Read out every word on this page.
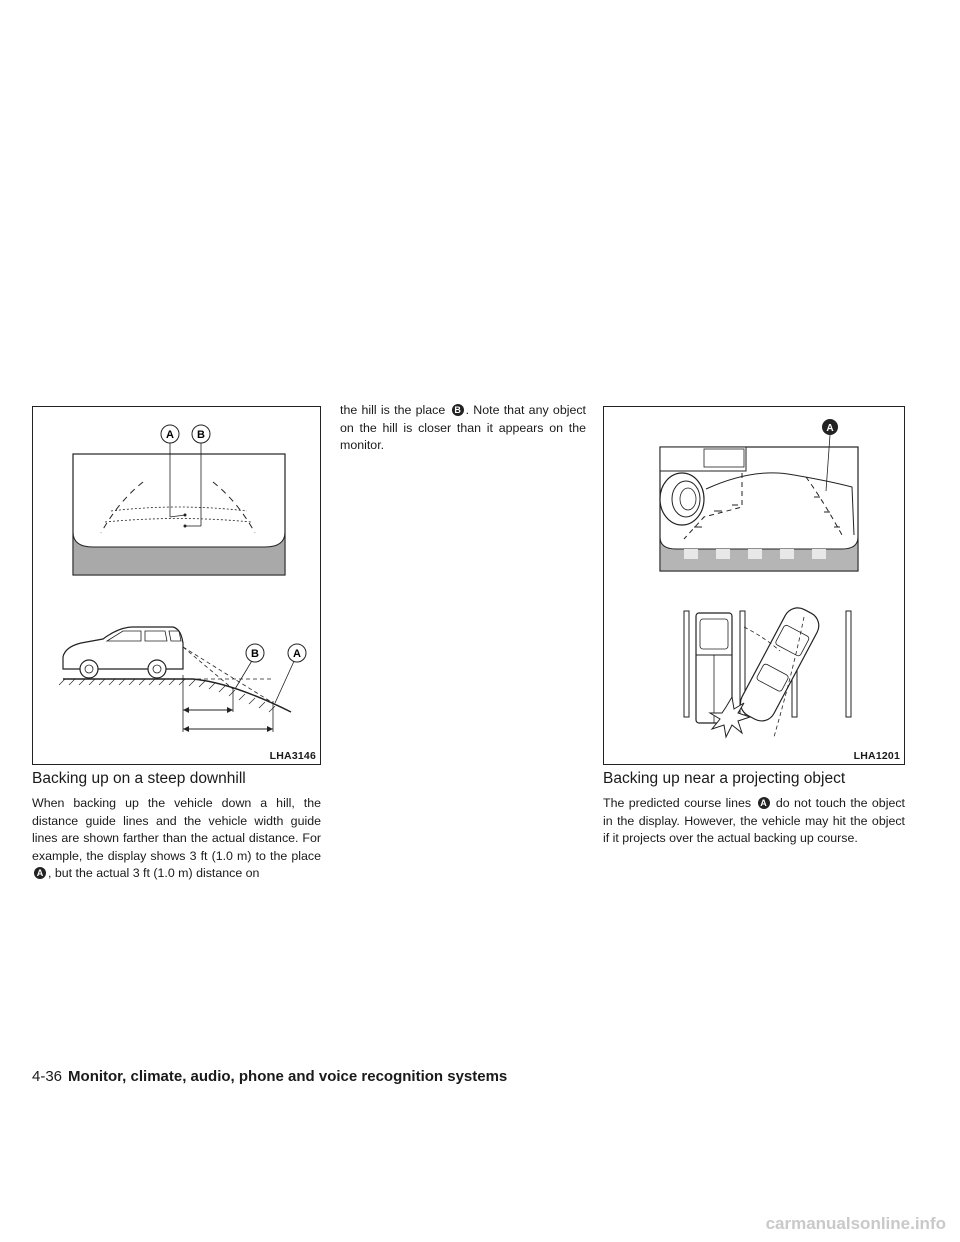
A B
B	A
LHA3146
A
LHA1201
Backing up on a steep downhill

When backing up the vehicle down a hill, the distance guide lines and the vehicle width guide lines are shown farther than the actual distance. For example, the display shows 3 ft (1.0 m) to the place A , but the actual 3 ft (1.0 m) distance on

the hill is the place B . Note that any object on the hill is closer than it appears on the monitor.

Backing up near a projecting object

The predicted course lines A do not touch the object in the display. However, the vehicle may hit the object if it projects over the actual backing up course.

4-36 Monitor, climate, audio, phone and voice recognition systems
carmanualsonline.info
